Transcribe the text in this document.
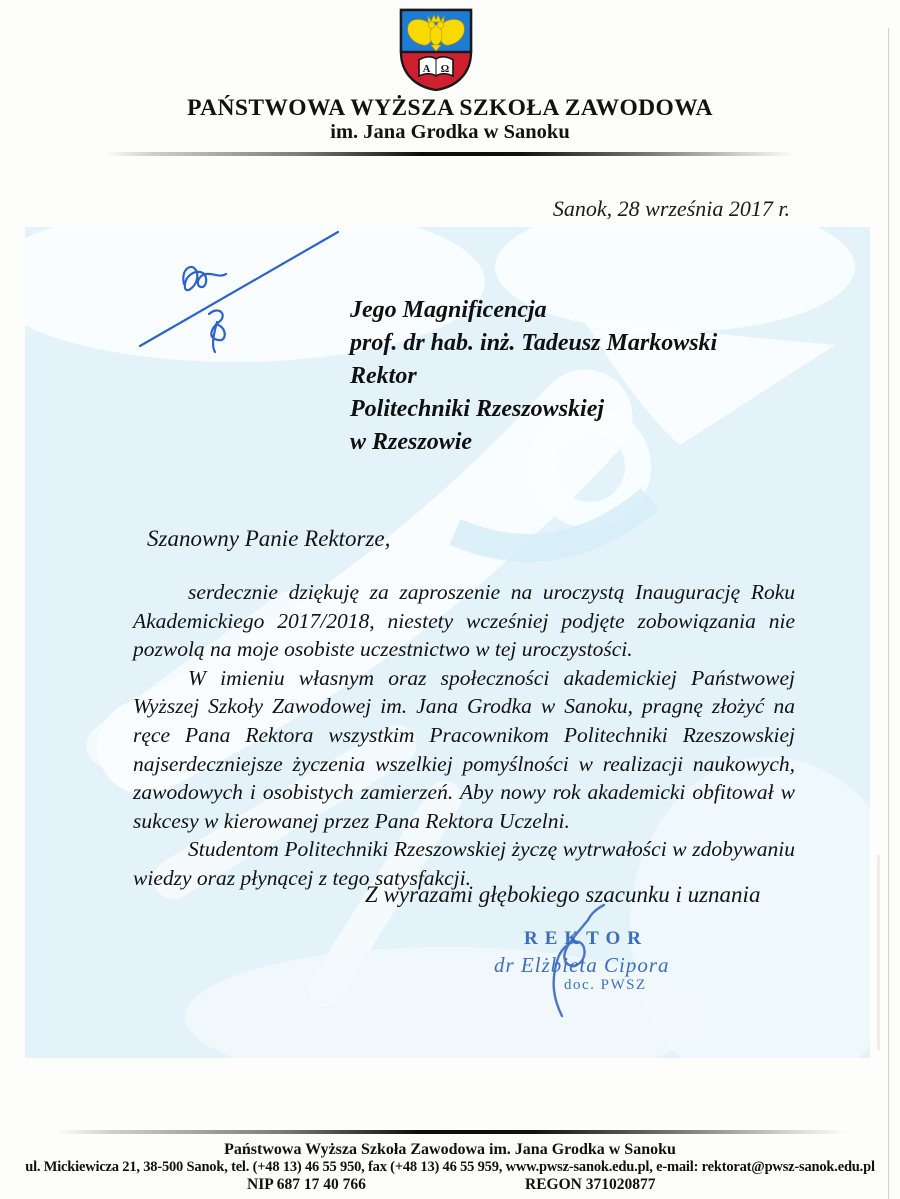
Α Ω
PAŃSTWOWA WYŻSZA SZKOŁA ZAWODOWA
im. Jana Grodka w Sanoku
Sanok, 28 września 2017 r.
Jego Magnificencja
prof. dr hab. inż. Tadeusz Markowski
Rektor
Politechniki Rzeszowskiej
w Rzeszowie
Szanowny Panie Rektorze,

serdecznie dziękuję za zaproszenie na uroczystą Inaugurację Roku Akademickiego 2017/2018, niestety wcześniej podjęte zobowiązania nie pozwolą na moje osobiste uczestnictwo w tej uroczystości.

W imieniu własnym oraz społeczności akademickiej Państwowej Wyższej Szkoły Zawodowej im. Jana Grodka w Sanoku, pragnę złożyć na ręce Pana Rektora wszystkim Pracownikom Politechniki Rzeszowskiej najserdeczniejsze życzenia wszelkiej pomyślności w realizacji naukowych, zawodowych i osobistych zamierzeń. Aby nowy rok akademicki obfitował w sukcesy w kierowanej przez Pana Rektora Uczelni.

Studentom Politechniki Rzeszowskiej życzę wytrwałości w zdobywaniu wiedzy oraz płynącej z tego satysfakcji.

Z wyrazami głębokiego szacunku i uznania
REKTOR
dr Elżbieta Cipora
doc. PWSZ
Państwowa Wyższa Szkoła Zawodowa im. Jana Grodka w Sanoku
ul. Mickiewicza 21, 38-500 Sanok, tel. (+48 13) 46 55 950, fax (+48 13) 46 55 959, www.pwsz-sanok.edu.pl, e-mail: rektorat@pwsz-sanok.edu.pl
NIP 687 17 40 766	REGON 371020877
